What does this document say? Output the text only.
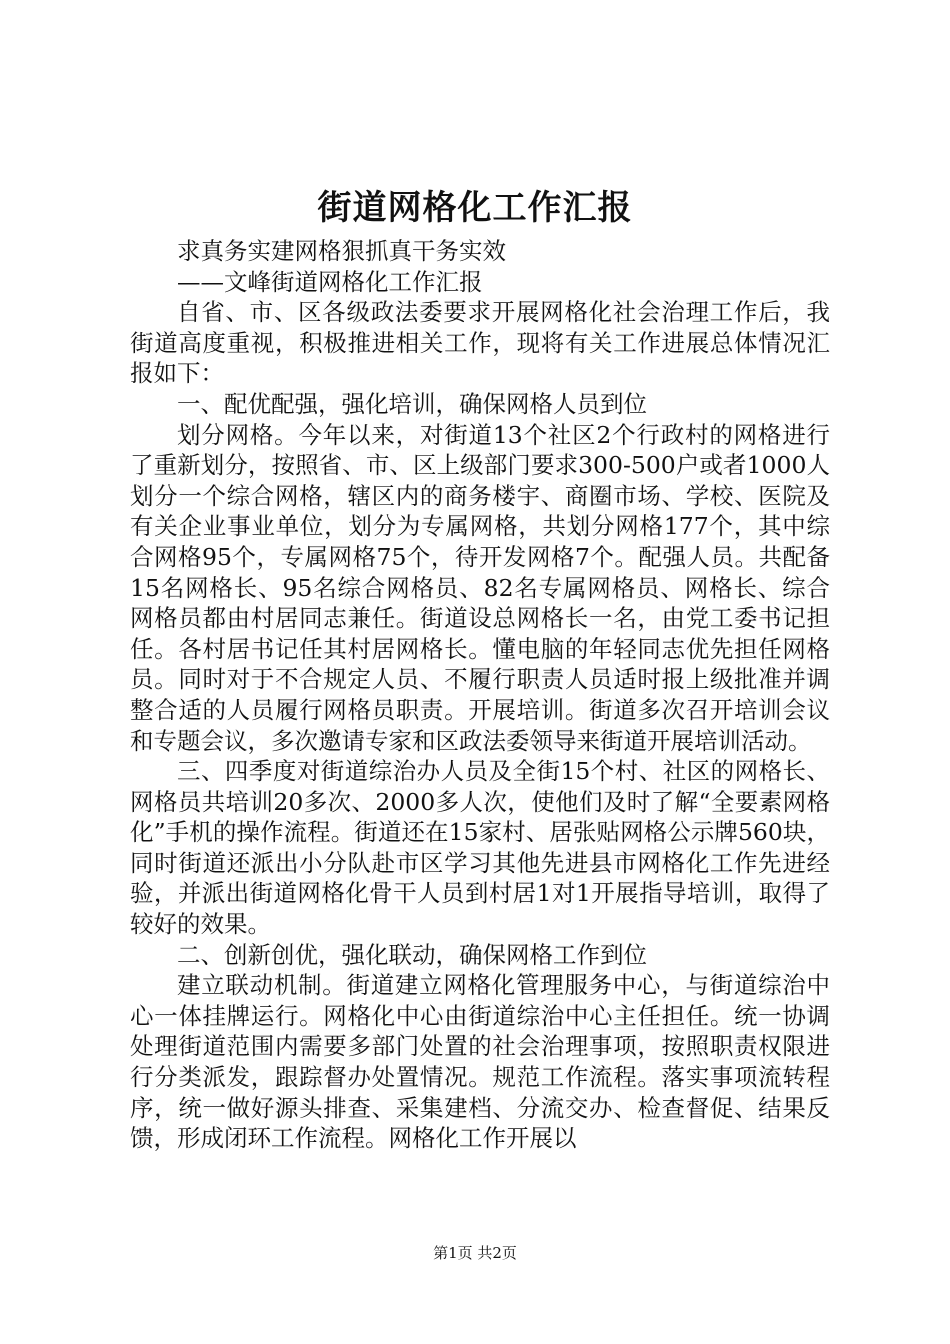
街道网格化工作汇报

求真务实建网格狠抓真干务实效

——文峰街道网格化工作汇报

自省、市、区各级政法委要求开展网格化社会治理工作后，我街道高度重视，积极推进相关工作，现将有关工作进展总体情况汇报如下：

一、配优配强，强化培训，确保网格人员到位

划分网格。今年以来，对街道13个社区2个行政村的网格进行了重新划分，按照省、市、区上级部门要求300-500户或者1000人划分一个综合网格，辖区内的商务楼宇、商圈市场、学校、医院及有关企业事业单位，划分为专属网格，共划分网格177个，其中综合网格95个，专属网格75个，待开发网格7个。配强人员。共配备15名网格长、95名综合网格员、82名专属网格员、网格长、综合网格员都由村居同志兼任。街道设总网格长一名，由党工委书记担任。各村居书记任其村居网格长。懂电脑的年轻同志优先担任网格员。同时对于不合规定人员、不履行职责人员适时报上级批准并调整合适的人员履行网格员职责。开展培训。街道多次召开培训会议和专题会议，多次邀请专家和区政法委领导来街道开展培训活动。

三、四季度对街道综治办人员及全街15个村、社区的网格长、网格员共培训20多次、2000多人次，使他们及时了解“全要素网格化”手机的操作流程。街道还在15家村、居张贴网格公示牌560块，同时街道还派出小分队赴市区学习其他先进县市网格化工作先进经验，并派出街道网格化骨干人员到村居1对1开展指导培训，取得了较好的效果。

二、创新创优，强化联动，确保网格工作到位

建立联动机制。街道建立网格化管理服务中心，与街道综治中心一体挂牌运行。网格化中心由街道综治中心主任担任。统一协调处理街道范围内需要多部门处置的社会治理事项，按照职责权限进行分类派发，跟踪督办处置情况。规范工作流程。落实事项流转程序，统一做好源头排查、采集建档、分流交办、检查督促、结果反馈，形成闭环工作流程。网格化工作开展以

第1页 共2页
